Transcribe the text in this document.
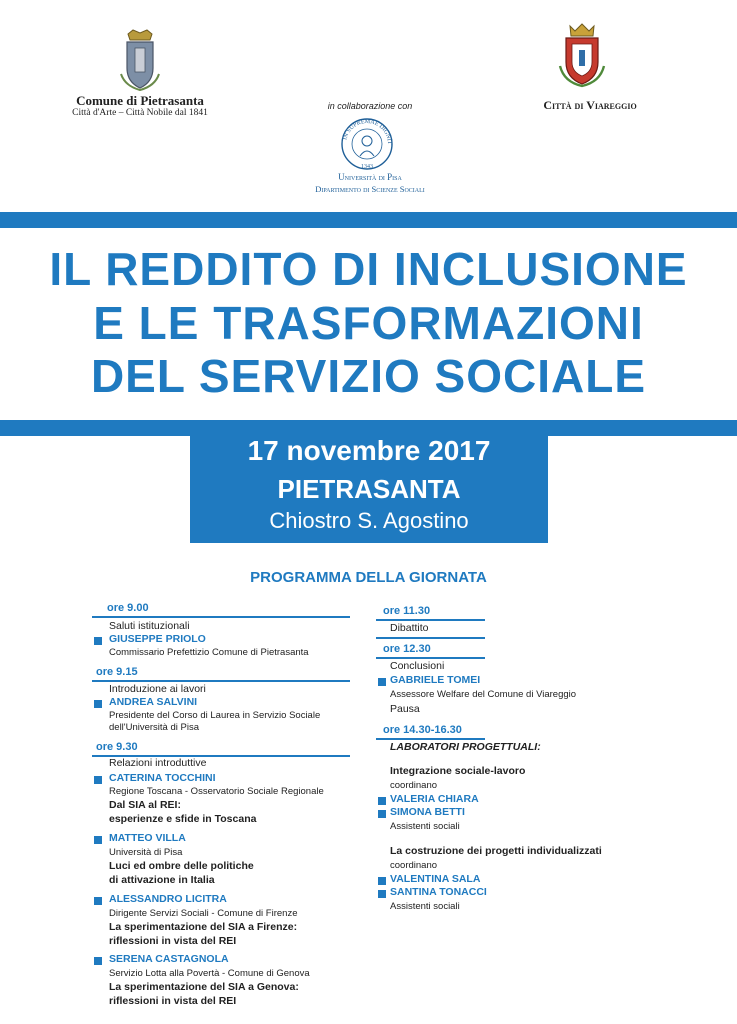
Comune di Pietrasanta
Città d'Arte – Città Nobile dal 1841
in collaborazione con
IN SUPREMAE DIGNIT
1343
Università di Pisa
Dipartimento di Scienze Sociali
Città di Viareggio
IL REDDITO DI INCLUSIONE
E LE TRASFORMAZIONI
DEL SERVIZIO SOCIALE
17 novembre 2017
PIETRASANTA
Chiostro S. Agostino
PROGRAMMA DELLA GIORNATA
ore 9.00
Saluti istituzionali
GIUSEPPE PRIOLO
Commissario Prefettizio Comune di Pietrasanta
ore 9.15
Introduzione ai lavori
ANDREA SALVINI
Presidente del Corso di Laurea in Servizio Sociale
dell'Università di Pisa
ore 9.30
Relazioni introduttive
CATERINA TOCCHINI
Regione Toscana - Osservatorio Sociale Regionale
Dal SIA al REI:
esperienze e sfide in Toscana
MATTEO VILLA
Università di Pisa
Luci ed ombre delle politiche
di attivazione in Italia
ALESSANDRO LICITRA
Dirigente Servizi Sociali - Comune di Firenze
La sperimentazione del SIA a Firenze:
riflessioni in vista del REI
SERENA CASTAGNOLA
Servizio Lotta alla Povertà - Comune di Genova
La sperimentazione del SIA a Genova:
riflessioni in vista del REI
ore 11.30
Dibattito
ore 12.30
Conclusioni
GABRIELE TOMEI
Assessore Welfare del Comune di Viareggio
Pausa
ore 14.30-16.30
LABORATORI PROGETTUALI:
Integrazione sociale-lavoro
coordinano
VALERIA CHIARA
SIMONA BETTI
Assistenti sociali
La costruzione dei progetti individualizzati
coordinano
VALENTINA SALA
SANTINA TONACCI
Assistenti sociali
